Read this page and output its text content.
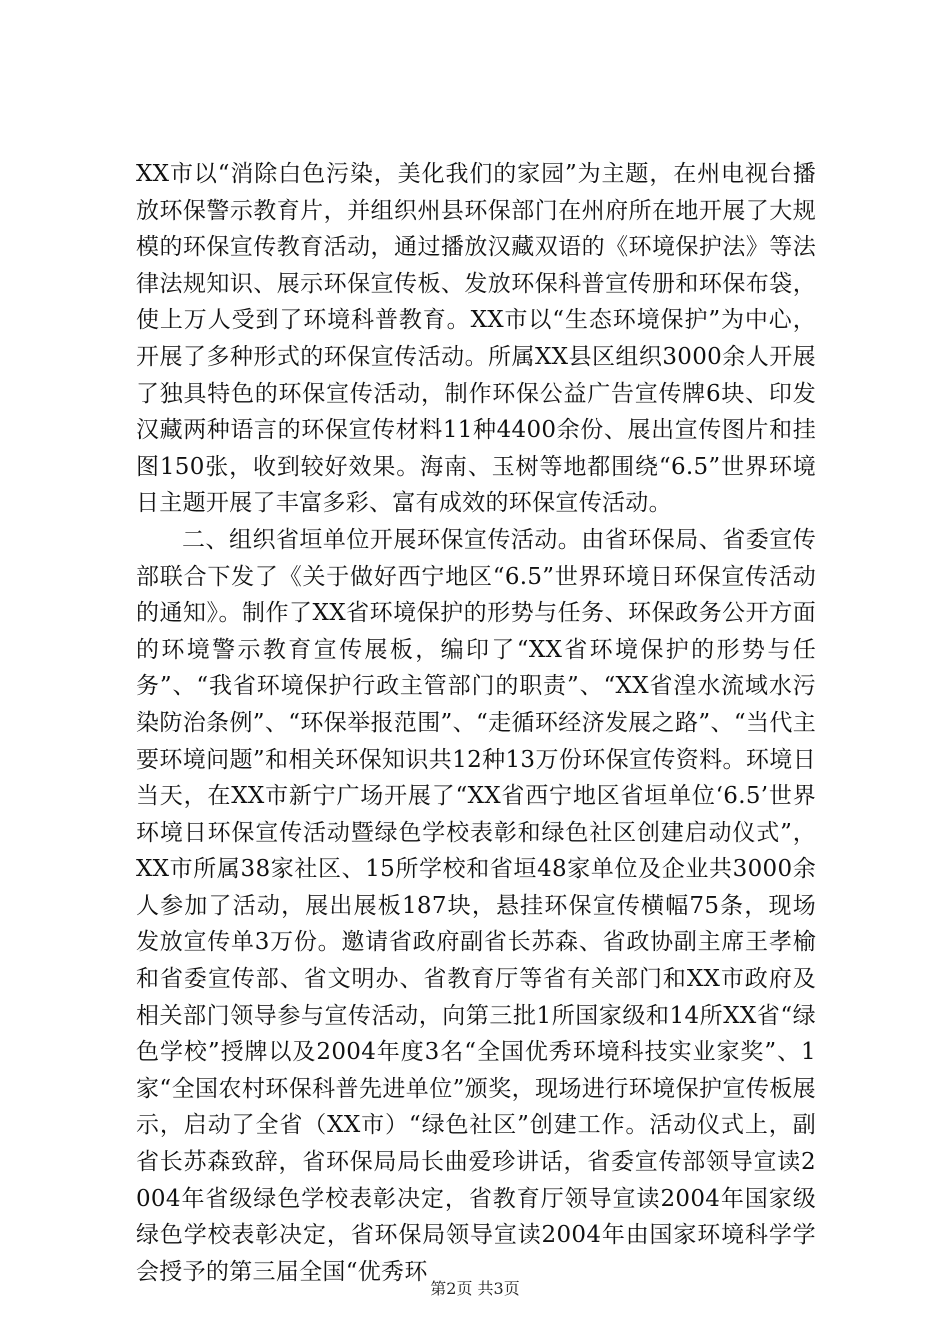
XX市以“消除白色污染，美化我们的家园”为主题，在州电视台播放环保警示教育片，并组织州县环保部门在州府所在地开展了大规模的环保宣传教育活动，通过播放汉藏双语的《环境保护法》等法律法规知识、展示环保宣传板、发放环保科普宣传册和环保布袋，使上万人受到了环境科普教育。XX市以“生态环境保护”为中心，开展了多种形式的环保宣传活动。所属XX县区组织3000余人开展了独具特色的环保宣传活动，制作环保公益广告宣传牌6块、印发汉藏两种语言的环保宣传材料11种4400余份、展出宣传图片和挂图150张，收到较好效果。海南、玉树等地都围绕“6.5”世界环境日主题开展了丰富多彩、富有成效的环保宣传活动。

二、组织省垣单位开展环保宣传活动。由省环保局、省委宣传部联合下发了《关于做好西宁地区“6.5”世界环境日环保宣传活动的通知》。制作了XX省环境保护的形势与任务、环保政务公开方面的环境警示教育宣传展板，编印了“XX省环境保护的形势与任务”、“我省环境保护行政主管部门的职责”、“XX省湟水流域水污染防治条例”、“环保举报范围”、“走循环经济发展之路”、“当代主要环境问题”和相关环保知识共12种13万份环保宣传资料。环境日当天，在XX市新宁广场开展了“XX省西宁地区省垣单位‘6.5’世界环境日环保宣传活动暨绿色学校表彰和绿色社区创建启动仪式”，XX市所属38家社区、15所学校和省垣48家单位及企业共3000余人参加了活动，展出展板187块，悬挂环保宣传横幅75条，现场发放宣传单3万份。邀请省政府副省长苏森、省政协副主席王孝榆和省委宣传部、省文明办、省教育厅等省有关部门和XX市政府及相关部门领导参与宣传活动，向第三批1所国家级和14所XX省“绿色学校”授牌以及2004年度3名“全国优秀环境科技实业家奖”、1家“全国农村环保科普先进单位”颁奖，现场进行环境保护宣传板展示，启动了全省（XX市）“绿色社区”创建工作。活动仪式上，副省长苏森致辞，省环保局局长曲爱珍讲话，省委宣传部领导宣读2004年省级绿色学校表彰决定，省教育厅领导宣读2004年国家级绿色学校表彰决定，省环保局领导宣读2004年由国家环境科学学会授予的第三届全国“优秀环

第2页 共3页
